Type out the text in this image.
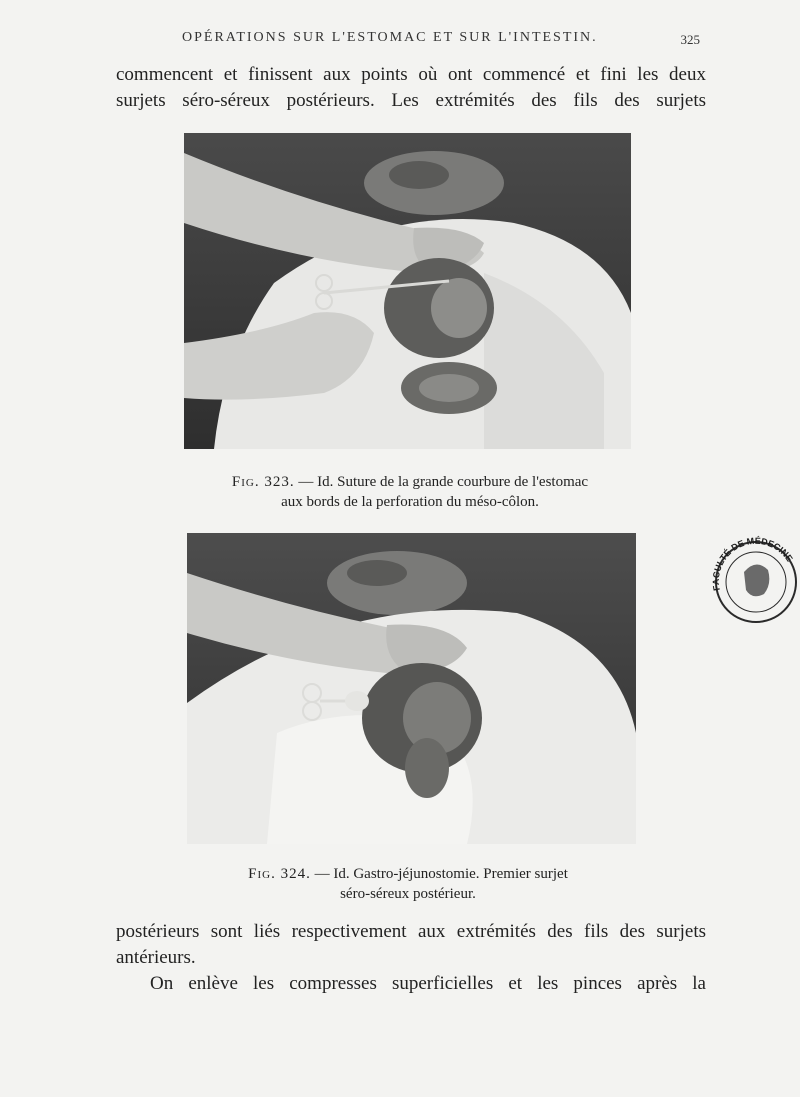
OPÉRATIONS SUR L'ESTOMAC ET SUR L'INTESTIN.	325

commencent et finissent aux points où ont commencé et fini les deux

surjets séro-séreux postérieurs. Les extrémités des fils des surjets

Fig. 323. — Id. Suture de la grande courbure de l'estomac
aux bords de la perforation du méso-côlon.
Fig. 324. — Id. Gastro-jéjunostomie. Premier surjet
séro-séreux postérieur.

postérieurs sont liés respectivement aux extrémités des fils des surjets

antérieurs.

On enlève les compresses superficielles et les pinces après la

FACULTÉ DE MÉDECINE
